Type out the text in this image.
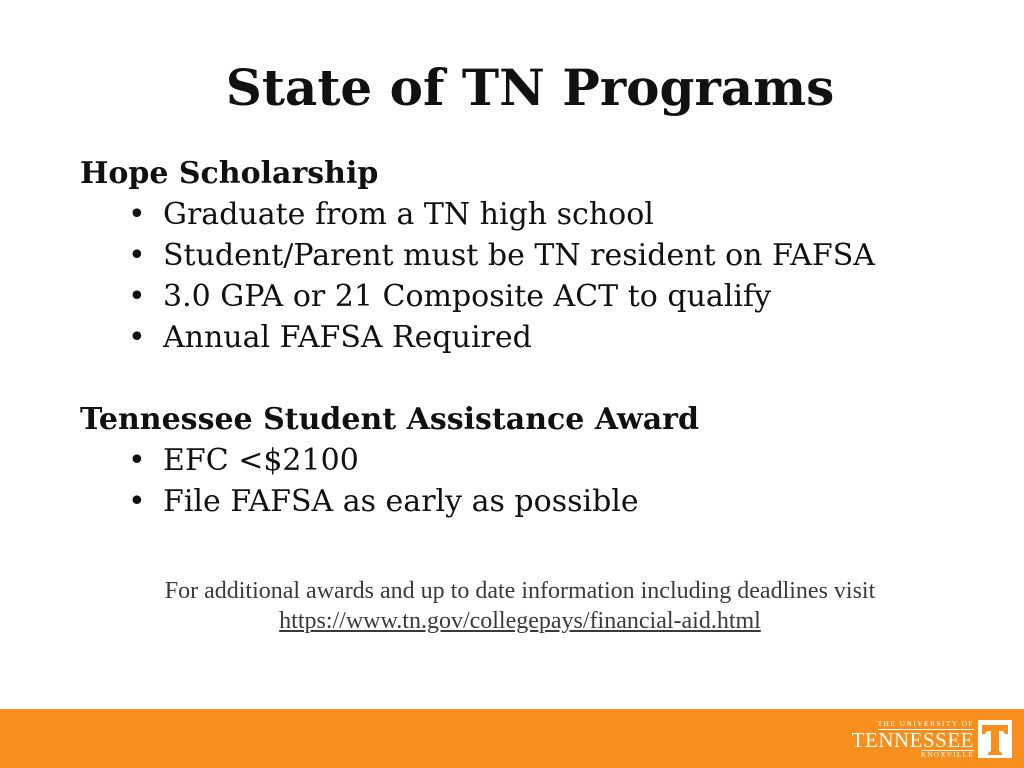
State of TN Programs

Hope Scholarship

• Graduate from a TN high school
• Student/Parent must be TN resident on FAFSA
• 3.0 GPA or 21 Composite ACT to qualify
• Annual FAFSA Required

Tennessee Student Assistance Award

• EFC <$2100
• File FAFSA as early as possible
For additional awards and up to date information including deadlines visit
https://www.tn.gov/collegepays/financial-aid.html
THE UNIVERSITY OF
TENNESSEE
KNOXVILLE
